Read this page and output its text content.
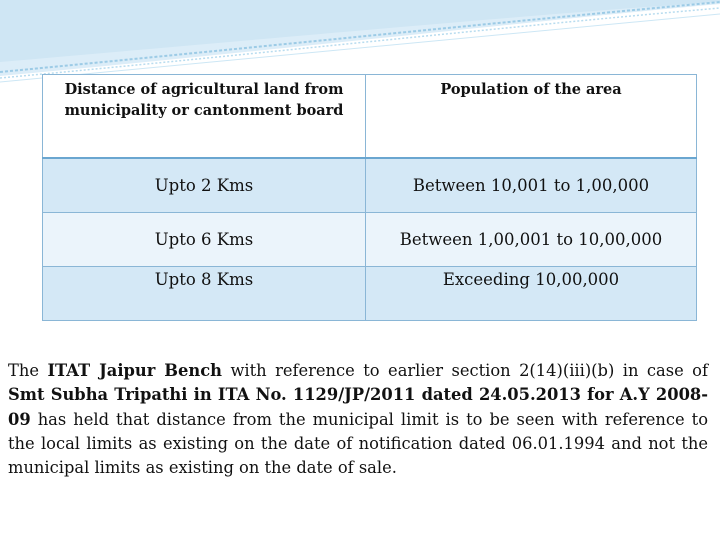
Distance of agricultural land from municipality or cantonment board	Population of the area
Upto 2 Kms	Between 10,001 to 1,00,000
Upto 6 Kms	Between 1,00,001 to 10,00,000
Upto 8 Kms	Exceeding 10,00,000

The ITAT Jaipur Bench with reference to earlier section 2(14)(iii)(b) in case of Smt Subha Tripathi in ITA No. 1129/JP/2011 dated 24.05.2013 for A.Y 2008-09 has held that distance from the municipal limit is to be seen with reference to the local limits as existing on the date of notification dated 06.01.1994 and not the municipal limits as existing on the date of sale.
